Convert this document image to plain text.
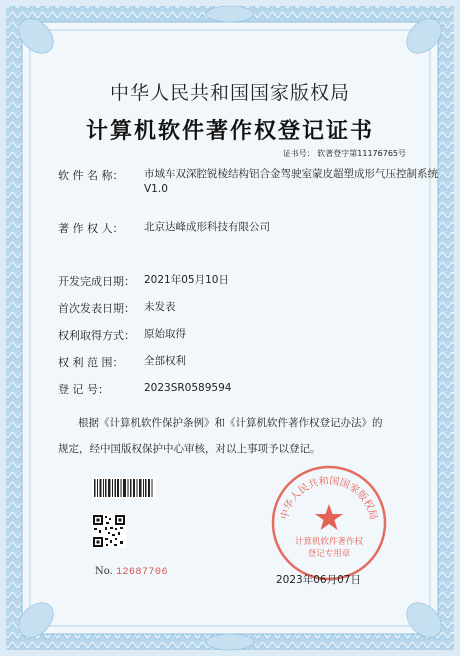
中华人民共和国国家版权局
计算机软件著作权登记证书
证书号： 软著登字第11176765号
软 件 名 称：	市域车双深腔锐棱结构铝合金驾驶室蒙皮超塑成形气压控制系统
V1.0
著 作 权 人：	北京达峰成形科技有限公司
开发完成日期： 2021年05月10日
首次发表日期： 未发表
权利取得方式： 原始取得
权 利 范 围：	全部权利
登 记 号：	2023SR0589594
根据《计算机软件保护条例》和《计算机软件著作权登记办法》的
规定，经中国版权保护中心审核，对以上事项予以登记。
No. 12687706
中华人民共和国国家版权局
计算机软件著作权
登记专用章
2023年06月07日
